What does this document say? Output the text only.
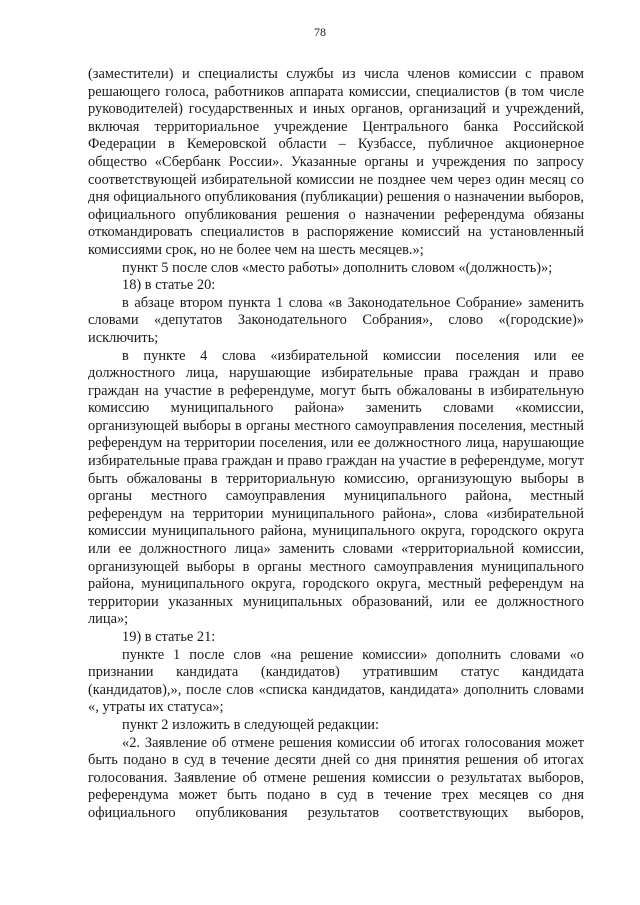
78

(заместители) и специалисты службы из числа членов комиссии с правом решающего голоса, работников аппарата комиссии, специалистов (в том числе руководителей) государственных и иных органов, организаций и учреждений, включая территориальное учреждение Центрального банка Российской Федерации в Кемеровской области – Кузбассе, публичное акционерное общество «Сбербанк России». Указанные органы и учреждения по запросу соответствующей избирательной комиссии не позднее чем через один месяц со дня официального опубликования (публикации) решения о назначении выборов, официального опубликования решения о назначении референдума обязаны откомандировать специалистов в распоряжение комиссий на установленный комиссиями срок, но не более чем на шесть месяцев.»;

пункт 5 после слов «место работы» дополнить словом «(должность)»;

18) в статье 20:

в абзаце втором пункта 1 слова «в Законодательное Собрание» заменить словами «депутатов Законодательного Собрания», слово «(городские)» исключить;

в пункте 4 слова «избирательной комиссии поселения или ее должностного лица, нарушающие избирательные права граждан и право граждан на участие в референдуме, могут быть обжалованы в избирательную комиссию муниципального района» заменить словами «комиссии, организующей выборы в органы местного самоуправления поселения, местный референдум на территории поселения, или ее должностного лица, нарушающие избирательные права граждан и право граждан на участие в референдуме, могут быть обжалованы в территориальную комиссию, организующую выборы в органы местного самоуправления муниципального района, местный референдум на территории муниципального района», слова «избирательной комиссии муниципального района, муниципального округа, городского округа или ее должностного лица» заменить словами «территориальной комиссии, организующей выборы в органы местного самоуправления муниципального района, муниципального округа, городского округа, местный референдум на территории указанных муниципальных образований, или ее должностного лица»;

19) в статье 21:

пункте 1 после слов «на решение комиссии» дополнить словами «о признании кандидата (кандидатов) утратившим статус кандидата (кандидатов),», после слов «списка кандидатов, кандидата» дополнить словами «, утраты их статуса»;

пункт 2 изложить в следующей редакции:

«2. Заявление об отмене решения комиссии об итогах голосования может быть подано в суд в течение десяти дней со дня принятия решения об итогах голосования. Заявление об отмене решения комиссии о результатах выборов, референдума может быть подано в суд в течение трех месяцев со дня официального опубликования результатов соответствующих выборов,
